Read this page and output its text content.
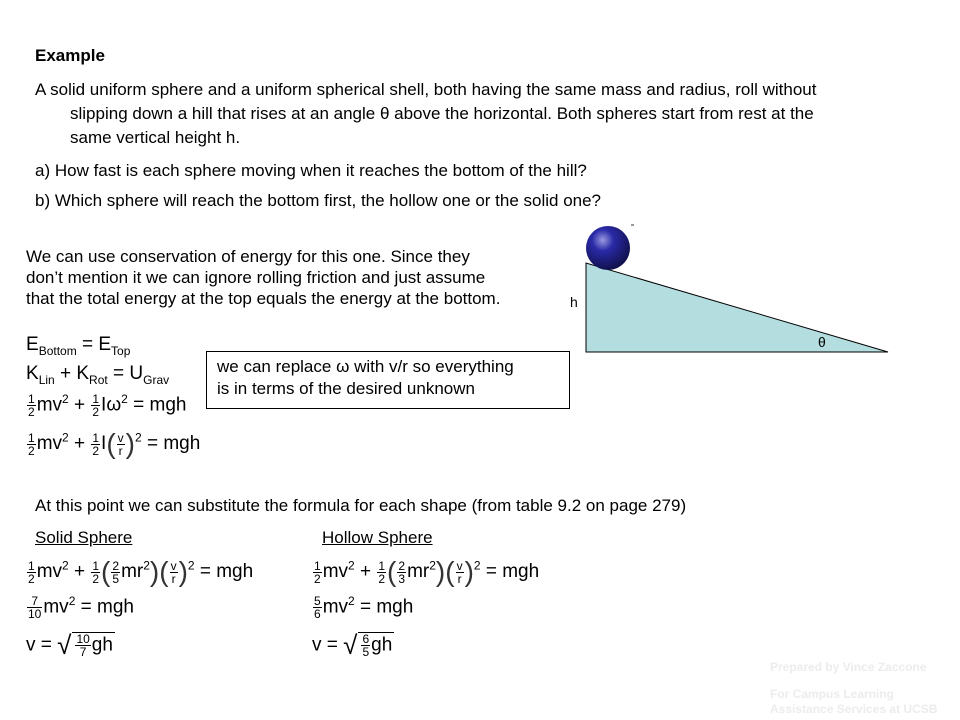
Example
A solid uniform sphere and a uniform spherical shell, both having the same mass and radius, roll without
slipping down a hill that rises at an angle θ above the horizontal. Both spheres start from rest at the
same vertical height h.
a) How fast is each sphere moving when it reaches the bottom of the hill?
b) Which sphere will reach the bottom first, the hollow one or the solid one?
We can use conservation of energy for this one. Since they
don’t mention it we can ignore rolling friction and just assume
that the total energy at the top equals the energy at the bottom.	h
θ
$E_{Bottom} = E_{Top}$
$K_{Lin} + K_{Rot} = U_{Grav}$
$\frac{1}{2} mv^2 + \frac{1}{2} I\omega^2$ = mgh
$\frac{1}{2} mv^2 + \frac{1}{2} I( \frac{v}{r} )^2$ = mgh
we can replace ω with v/r so everything
is in terms of the desired unknown
At this point we can substitute the formula for each shape (from table 9.2 on page 279)
Solid Sphere
$\frac{1}{2} mv^2 + \frac{1}{2}$ ( $\frac{2}{5} mr^2)( \frac{v}{r} )^2$ = mgh
$\frac{7}{10} mv^2$ = mgh
v = √ $\frac{10}{7}$ gh
Hollow Sphere
$\frac{1}{2} mv^2 + \frac{1}{2}$ ( $\frac{2}{3} mr^2)( \frac{v}{r} )^2$ = mgh
$\frac{5}{6} mv^2$ = mgh
v = √ $\frac{6}{5}$ gh
Prepared by Vince Zaccone
For Campus Learning
Assistance Services at UCSB
